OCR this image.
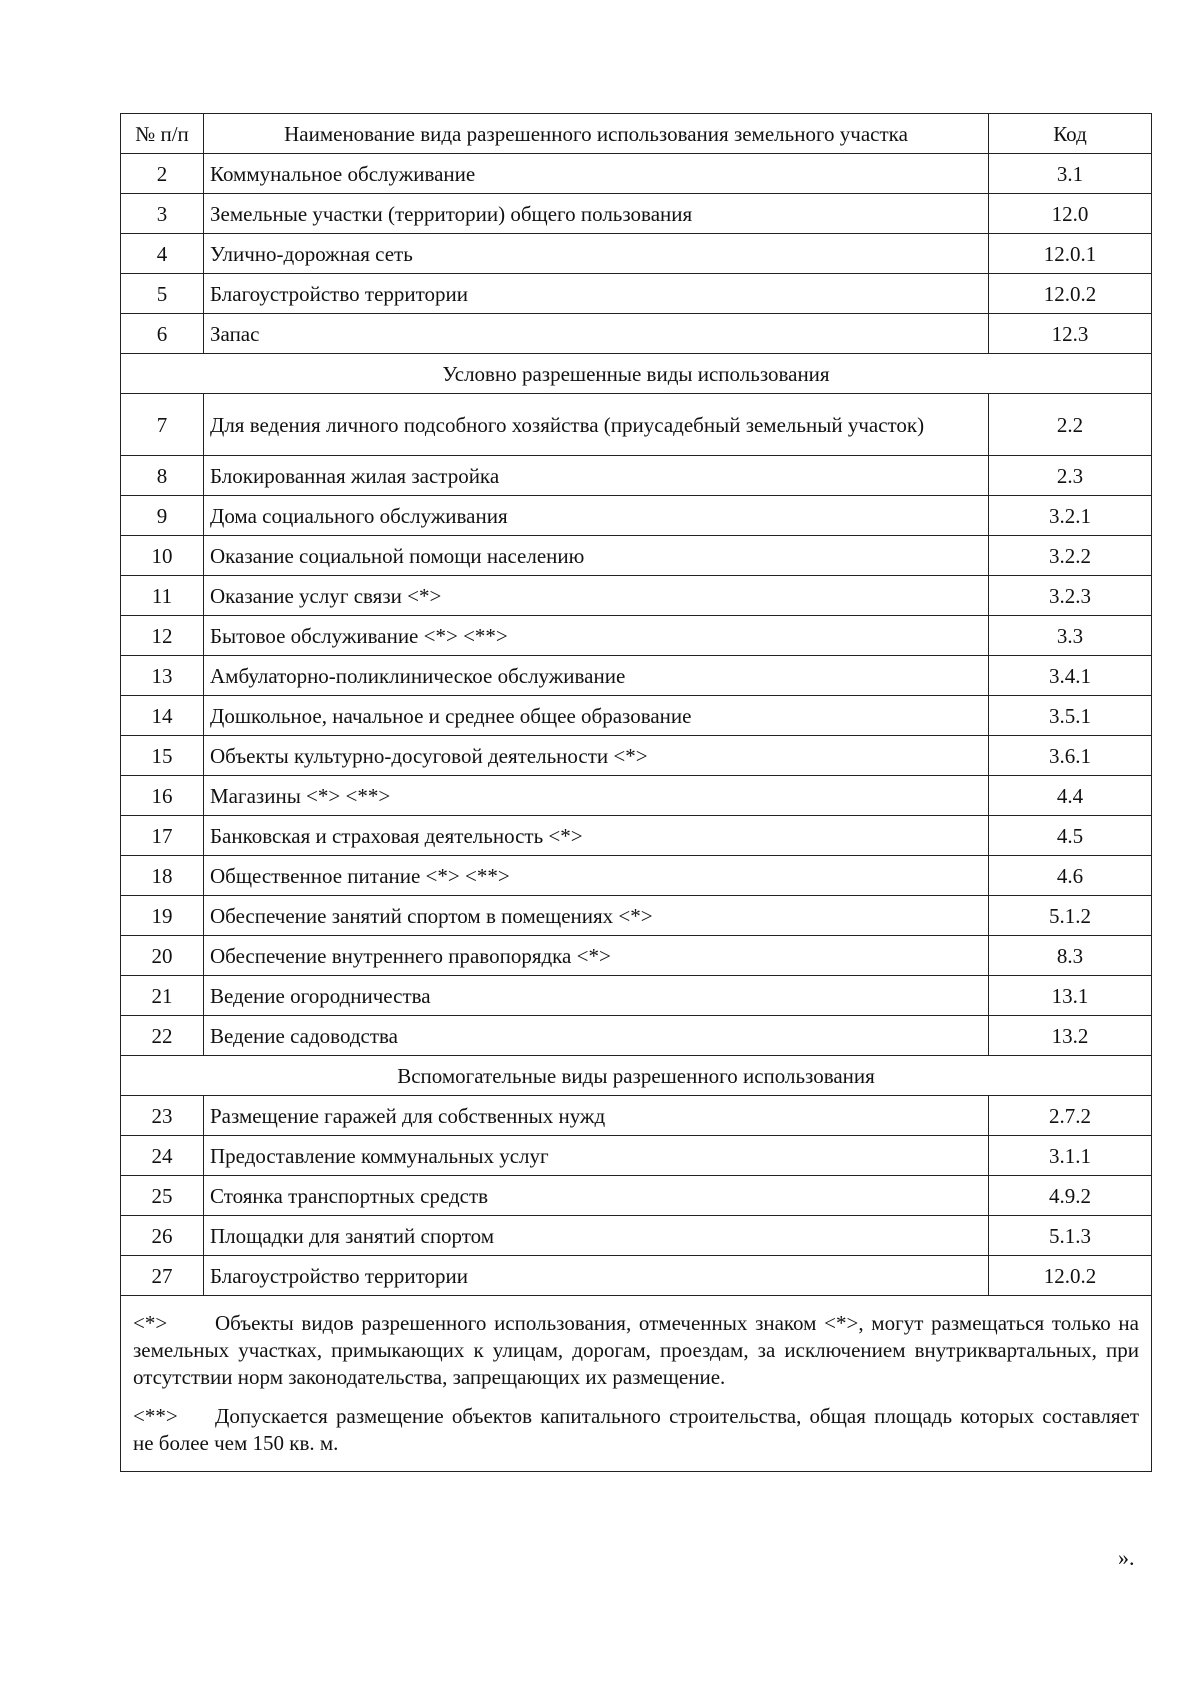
№ п/п	Наименование вида разрешенного использования земельного участка	Код
2	Коммунальное обслуживание	3.1
3	Земельные участки (территории) общего пользования	12.0
4	Улично-дорожная сеть	12.0.1
5	Благоустройство территории	12.0.2
6	Запас	12.3
Условно разрешенные виды использования		
7	Для ведения личного подсобного хозяйства (приусадебный земельный участок)	2.2
8	Блокированная жилая застройка	2.3
9	Дома социального обслуживания	3.2.1
10	Оказание социальной помощи населению	3.2.2
11	Оказание услуг связи <*>	3.2.3
12	Бытовое обслуживание <*> <**>	3.3
13	Амбулаторно-поликлиническое обслуживание	3.4.1
14	Дошкольное, начальное и среднее общее образование	3.5.1
15	Объекты культурно-досуговой деятельности <*>	3.6.1
16	Магазины <*> <**>	4.4
17	Банковская и страховая деятельность <*>	4.5
18	Общественное питание <*> <**>	4.6
19	Обеспечение занятий спортом в помещениях <*>	5.1.2
20	Обеспечение внутреннего правопорядка <*>	8.3
21	Ведение огородничества	13.1
22	Ведение садоводства	13.2
Вспомогательные виды разрешенного использования		
23	Размещение гаражей для собственных нужд	2.7.2
24	Предоставление коммунальных услуг	3.1.1
25	Стоянка транспортных средств	4.9.2
26	Площадки для занятий спортом	5.1.3
27	Благоустройство территории	12.0.2

<*> Объекты видов разрешенного использования, отмеченных знаком <*>, могут размещаться только на земельных участках, примыкающих к улицам, дорогам, проездам, за исключением внутриквартальных, при отсутствии норм законодательства, запрещающих их размещение.
<**> Допускается размещение объектов капитального строительства, общая площадь которых составляет не более чем 150 кв. м.		
».
